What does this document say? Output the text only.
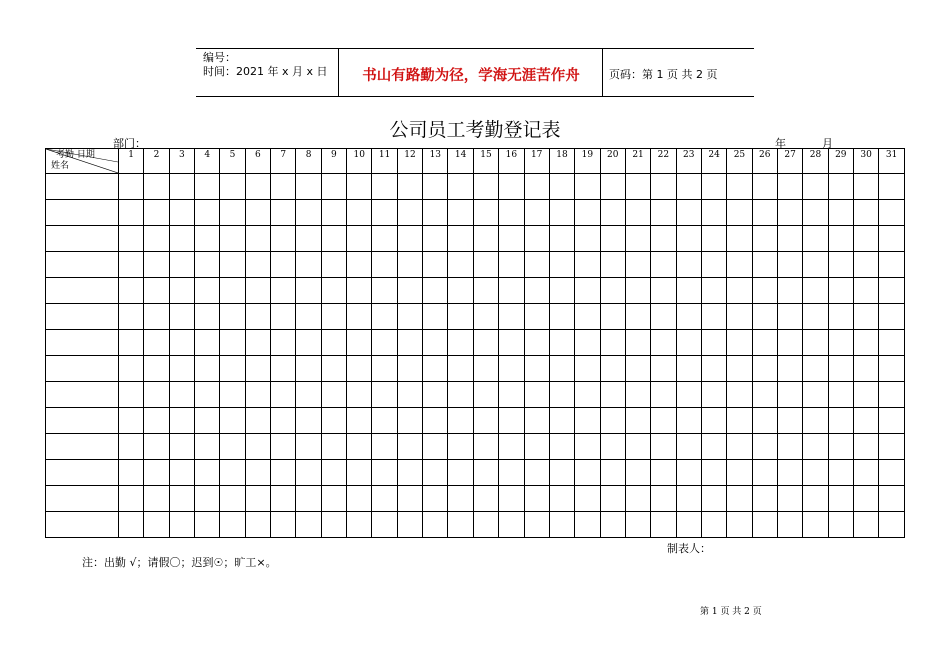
编号：
时间：2021 年 x 月 x 日	书山有路勤为径，学海无涯苦作舟	页码：第 1 页 共 2 页
公司员工考勤登记表
部门：	年	月
考勤 日期
姓名	1	2	3	4	5	6	7	8	9	10	11	12	13	14	15	16	17	18	19	20	21	22	23	24	25	26	27	28	29	30	31

制表人：
注：出勤 √；请假〇；迟到☉；旷工×。
第 1 页 共 2 页
